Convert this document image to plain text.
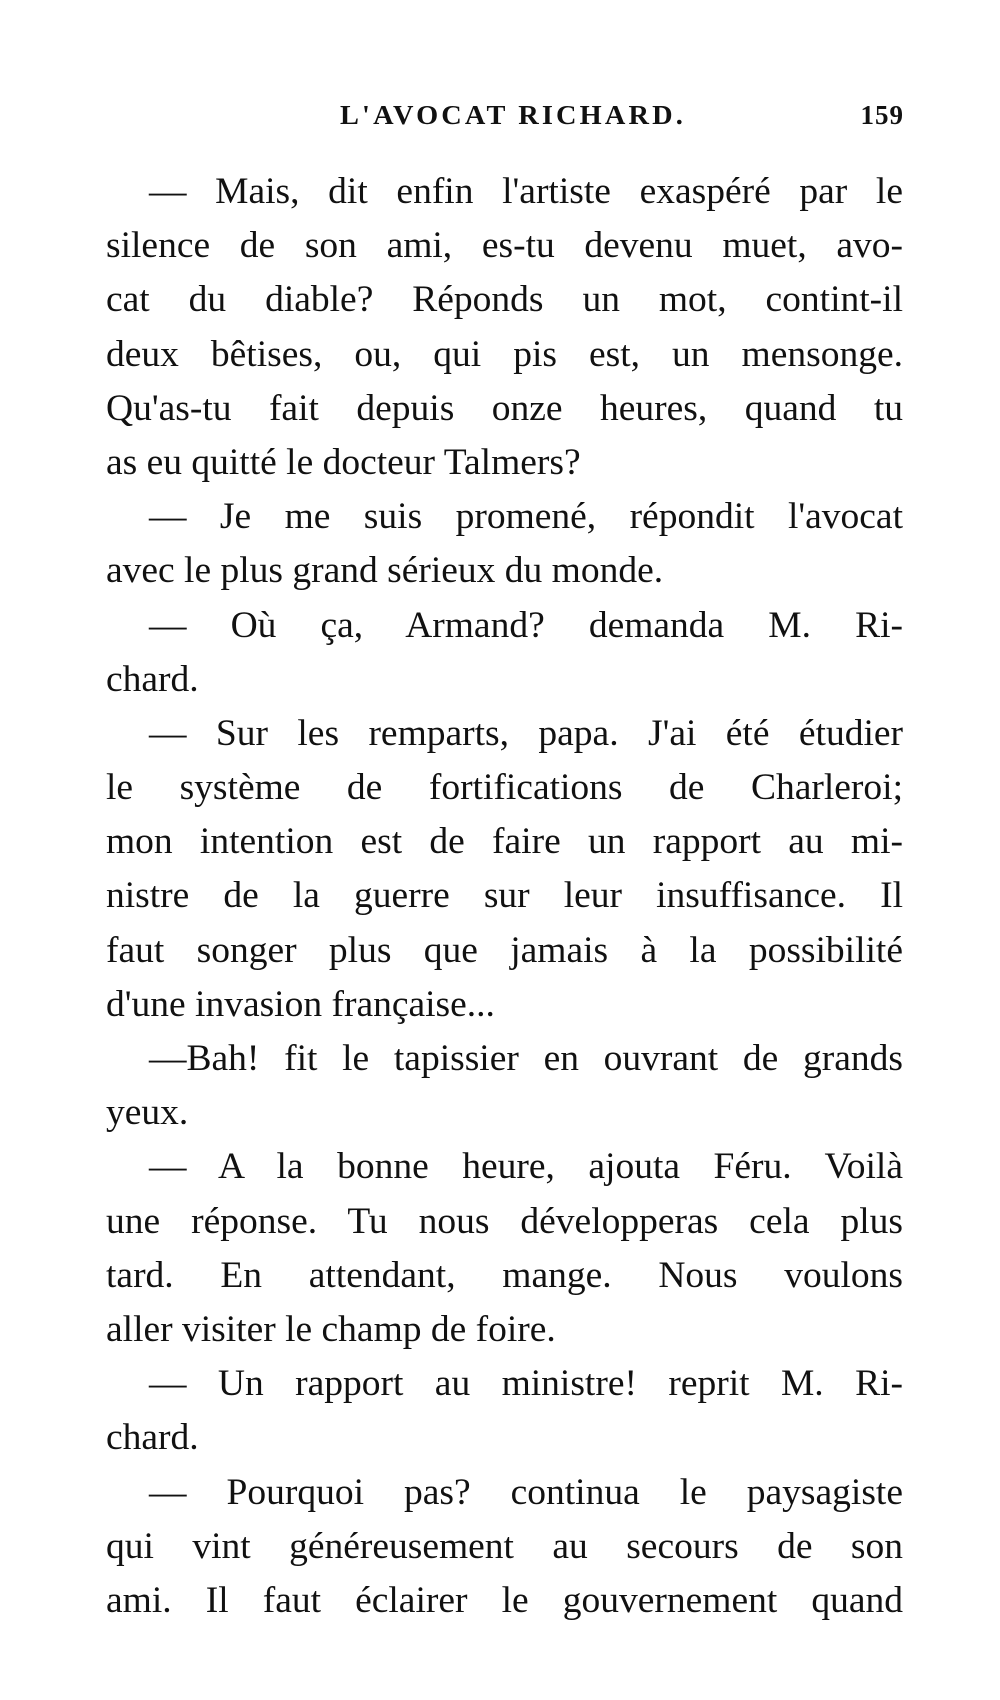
L'AVOCAT RICHARD.	159
— Mais, dit enfin l'artiste exaspéré par le
silence de son ami, es-tu devenu muet, avo-
cat du diable? Réponds un mot, contint-il
deux bêtises, ou, qui pis est, un mensonge.
Qu'as-tu fait depuis onze heures, quand tu
as eu quitté le docteur Talmers?
— Je me suis promené, répondit l'avocat
avec le plus grand sérieux du monde.
— Où ça, Armand? demanda M. Ri-
chard.
— Sur les remparts, papa. J'ai été étudier
le système de fortifications de Charleroi;
mon intention est de faire un rapport au mi-
nistre de la guerre sur leur insuffisance. Il
faut songer plus que jamais à la possibilité
d'une invasion française...
—Bah! fit le tapissier en ouvrant de grands
yeux.
— A la bonne heure, ajouta Féru. Voilà
une réponse. Tu nous développeras cela plus
tard. En attendant, mange. Nous voulons
aller visiter le champ de foire.
— Un rapport au ministre! reprit M. Ri-
chard.
— Pourquoi pas? continua le paysagiste
qui vint généreusement au secours de son
ami. Il faut éclairer le gouvernement quand
